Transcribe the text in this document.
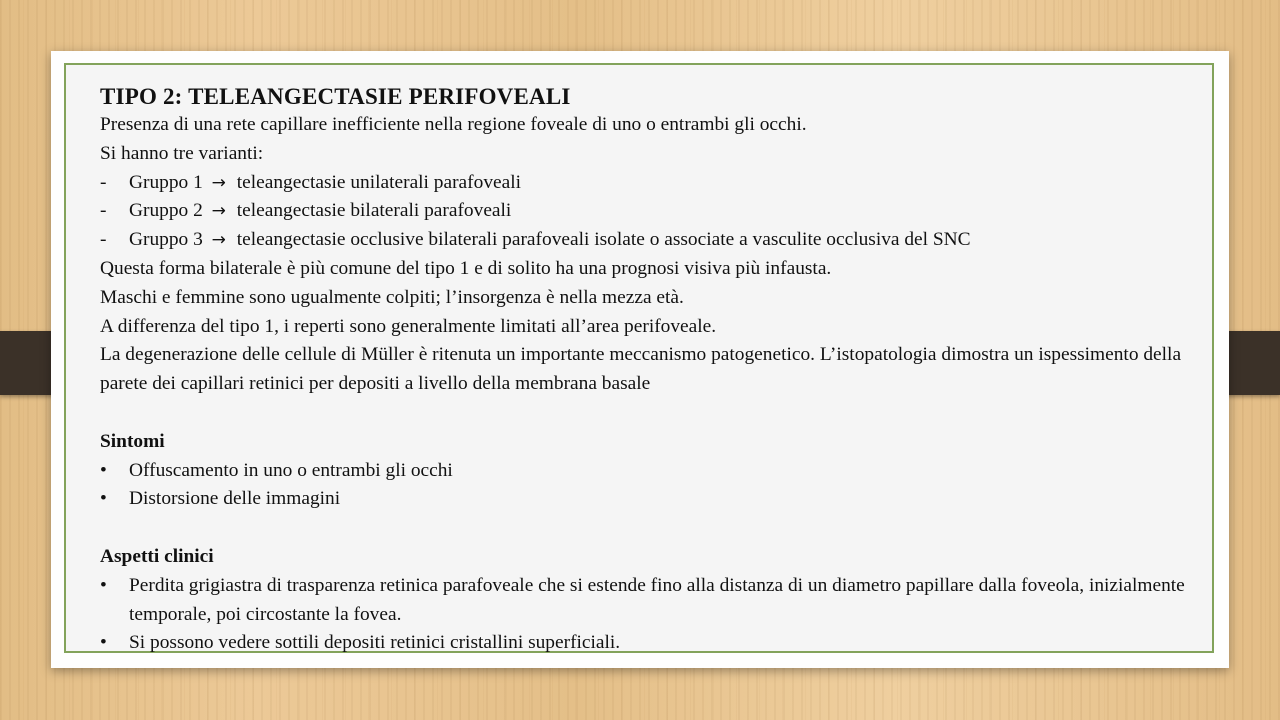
TIPO 2: TELEANGECTASIE PERIFOVEALI
Presenza di una rete capillare inefficiente nella regione foveale di uno o entrambi gli occhi.
Si hanno tre varianti:
-	Gruppo 1 → teleangectasie unilaterali parafoveali
-	Gruppo 2 → teleangectasie bilaterali parafoveali
-	Gruppo 3 → teleangectasie occlusive bilaterali parafoveali isolate o associate a vasculite occlusiva del SNC
Questa forma bilaterale è più comune del tipo 1 e di solito ha una prognosi visiva più infausta.
Maschi e femmine sono ugualmente colpiti; l’insorgenza è nella mezza età.
A differenza del tipo 1, i reperti sono generalmente limitati all’area perifoveale.
La degenerazione delle cellule di Müller è ritenuta un importante meccanismo patogenetico. L’istopatologia dimostra un ispessimento della parete dei capillari retinici per depositi a livello della membrana basale
Sintomi
•	Offuscamento in uno o entrambi gli occhi
•	Distorsione delle immagini
Aspetti clinici
•	Perdita grigiastra di trasparenza retinica parafoveale che si estende fino alla distanza di un diametro papillare dalla foveola, inizialmente temporale, poi circostante la fovea.
•	Si possono vedere sottili depositi retinici cristallini superficiali.
